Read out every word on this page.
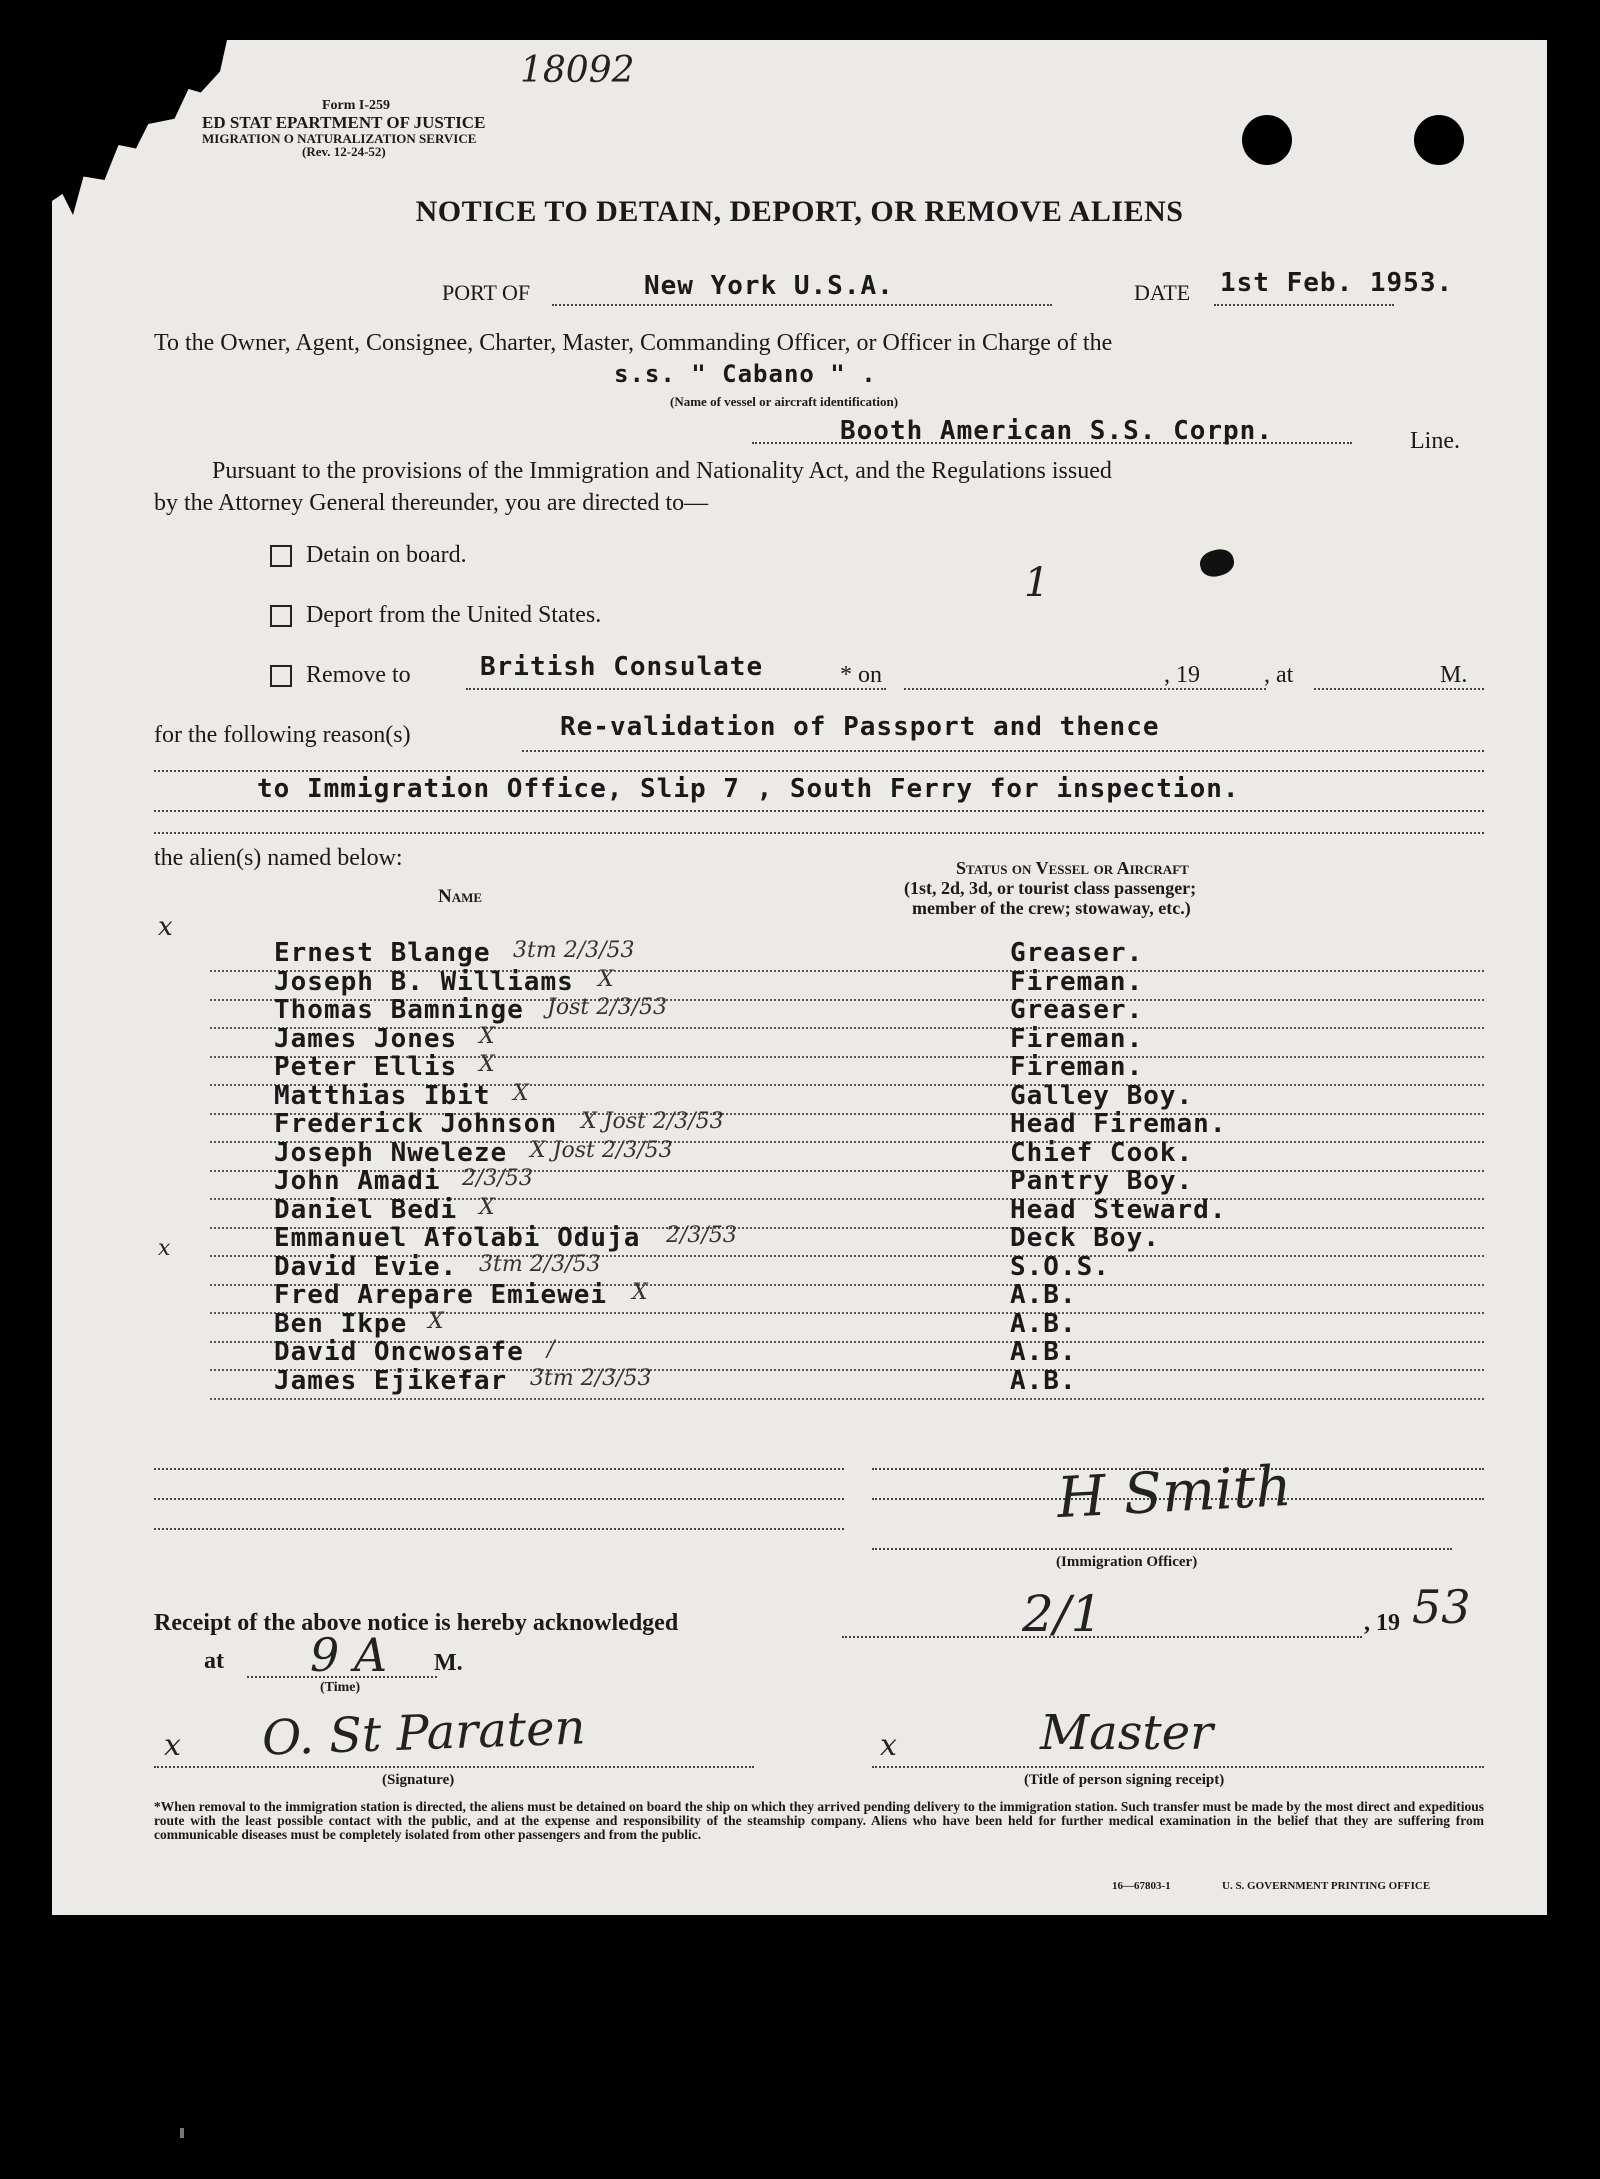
18092
Form I-259
ED STAT EPARTMENT OF JUSTICE
MIGRATION O NATURALIZATION SERVICE
(Rev. 12-24-52)
NOTICE TO DETAIN, DEPORT, OR REMOVE ALIENS
PORT OF	New York U.S.A.	DATE 1st Feb. 1953.
To the Owner, Agent, Consignee, Charter, Master, Commanding Officer, or Officer in Charge of the
s.s. " Cabano " .
(Name of vessel or aircraft identification)
Booth American S.S. Corpn.	Line.
Pursuant to the provisions of the Immigration and Nationality Act, and the Regulations issued
by the Attorney General thereunder, you are directed to—
Detain on board.
Deport from the United States.
1
Remove to	British Consulate	* on	, 19	, at	M.
for the following reason(s)	Re-validation of Passport and thence
to Immigration Office, Slip 7 , South Ferry for inspection.
the alien(s) named below:
Name
Status on Vessel or Aircraft
(1st, 2d, 3d, or tourist class passenger;
member of the crew; stowaway, etc.)
x
x
Ernest Blange	Greaser.
3tm 2/3/53
Joseph B. Williams	Fireman.
X
Thomas Bamninge	Greaser.
Jost 2/3/53
James Jones	Fireman.
X
Peter Ellis	Fireman.
X
Matthias Ibit	Galley Boy.
X
Frederick Johnson	Head Fireman.
X Jost 2/3/53
Joseph Nweleze	Chief Cook.
X Jost 2/3/53
John Amadi	Pantry Boy.
2/3/53
Daniel Bedi	Head Steward.
X
Emmanuel Afolabi Oduja	Deck Boy.
2/3/53
David Evie.	S.O.S.
3tm 2/3/53
Fred Arepare Emiewei	A.B.
X
Ben Ikpe	A.B.
X
David Oncwosafe	A.B.
/
James Ejikefar	A.B.
3tm 2/3/53
H Smith
(Immigration Officer)
Receipt of the above notice is hereby acknowledged	2/1	, 19 53
at 9 A M.
(Time)
x O. St Paraten
(Signature)
x	Master
(Title of person signing receipt)
*When removal to the immigration station is directed, the aliens must be detained on board the ship on which they arrived pending delivery to the immigration station. Such transfer must be made by the most direct and expeditious route with the least possible contact with the public, and at the expense and responsibility of the steamship company. Aliens who have been held for further medical examination in the belief that they are suffering from communicable diseases must be completely isolated from other passengers and from the public.
16—67803-1	U. S. GOVERNMENT PRINTING OFFICE
